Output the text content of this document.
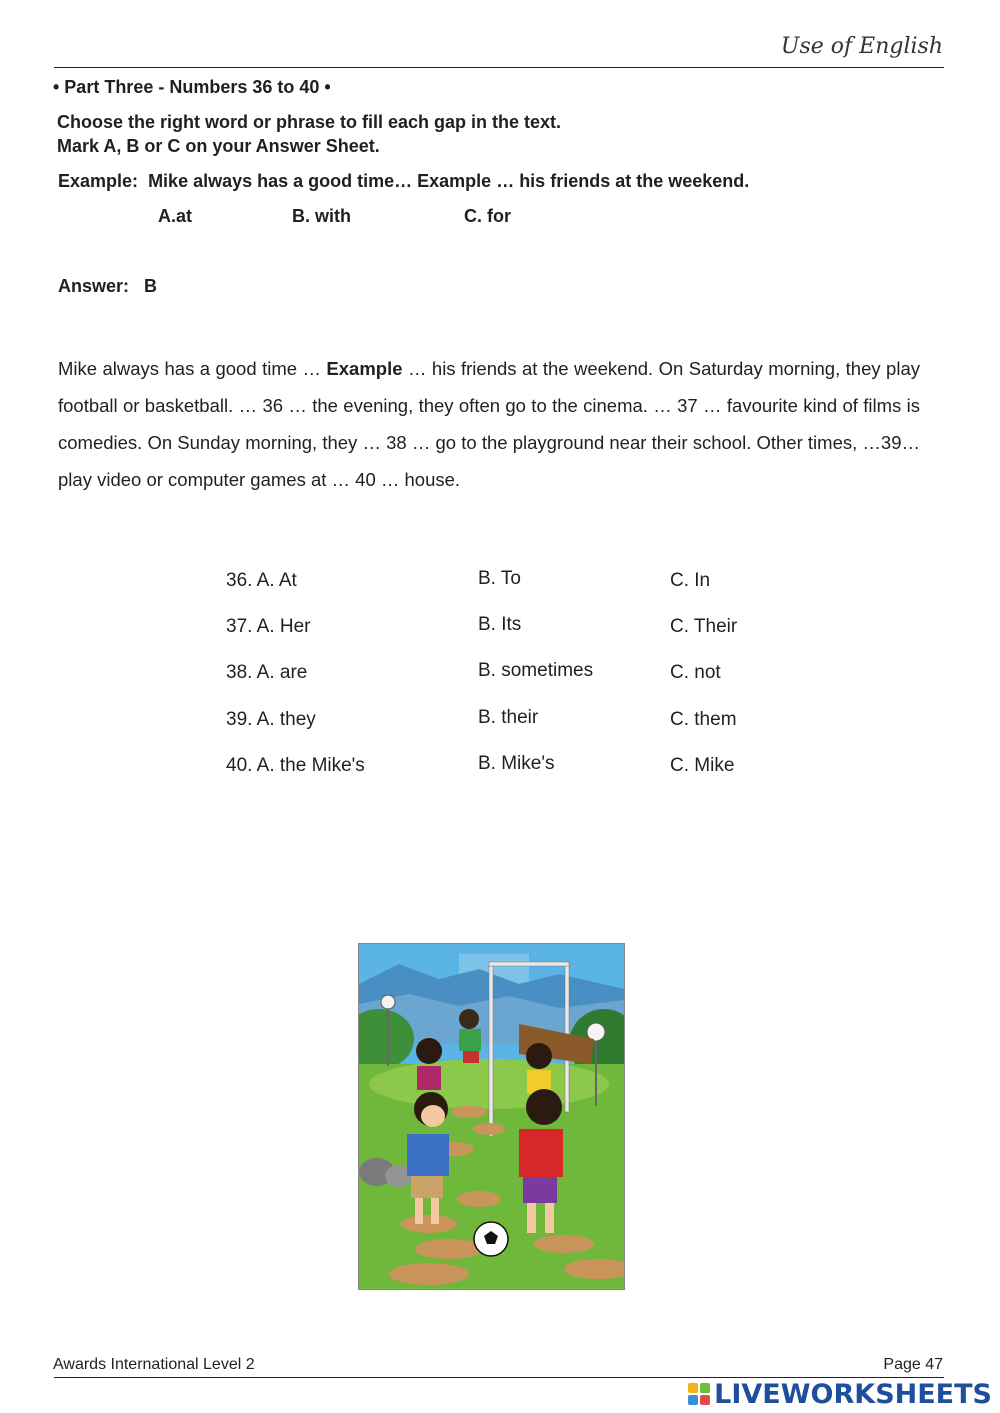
Use of English
• Part Three - Numbers 36 to 40 •
Choose the right word or phrase to fill each gap in the text.
Mark A, B or C on your Answer Sheet.
Example: Mike always has a good time… Example … his friends at the weekend.
A.at	B. with	C. for
Answer: B

Mike always has a good time … Example … his friends at the weekend. On Saturday morning, they play football or basketball. … 36 … the evening, they often go to the cinema. … 37 … favourite kind of films is comedies. On Sunday morning, they … 38 … go to the playground near their school. Other times, …39… play video or computer games at … 40 … house.

36. A. At	B. To	C. In
37. A. Her	B. Its	C. Their
38. A. are	B. sometimes	C. not
39. A. they	B. their	C. them
40. A. the Mike's	B. Mike's	C. Mike
Awards International Level 2	Page 47
LIVEWORKSHEETS
